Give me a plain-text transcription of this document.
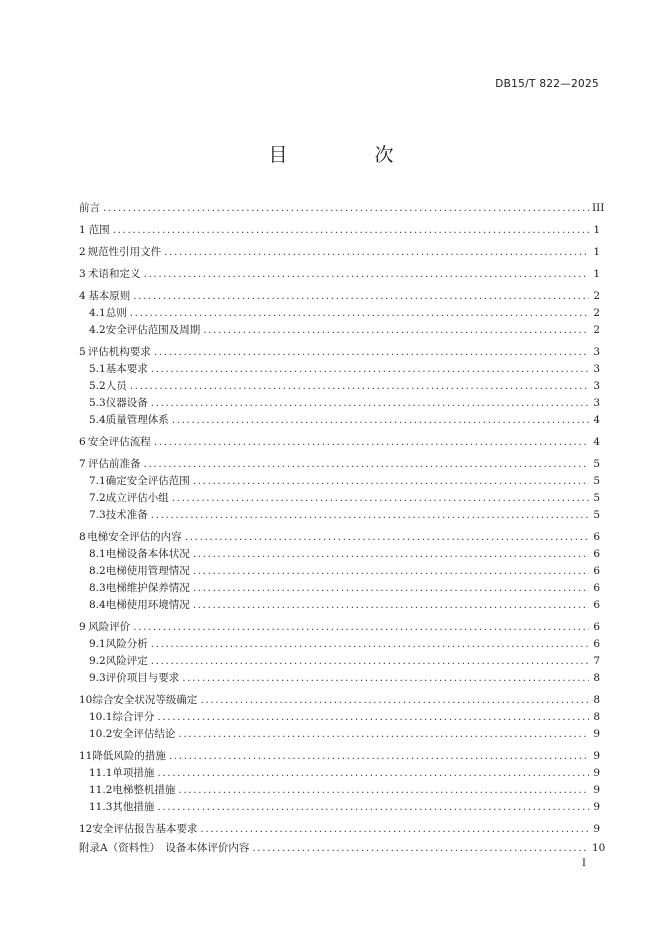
DB15/T 822—2025
目　次
前言 .....	III
1 范围 .....	1
2 规范性引用文件 .....	1
3 术语和定义 .....	1
4 基本原则 .....	2
4.1 总则 .....	2
4.2 安全评估范围及周期 .....	2
5 评估机构要求 .....	3
5.1 基本要求 .....	3
5.2 人员 .....	3
5.3 仪器设备 .....	3
5.4 质量管理体系 .....	4
6 安全评估流程 .....	4
7 评估前准备 .....	5
7.1 确定安全评估范围 .....	5
7.2 成立评估小组 .....	5
7.3 技术准备 .....	5
8 电梯安全评估的内容 .....	6
8.1 电梯设备本体状况 .....	6
8.2 电梯使用管理情况 .....	6
8.3 电梯维护保养情况 .....	6
8.4 电梯使用环境情况 .....	6
9 风险评价 .....	6
9.1 风险分析 .....	6
9.2 风险评定 .....	7
9.3 评价项目与要求 .....	8
10 综合安全状况等级确定 .....	8
10.1 综合评分 .....	8
10.2 安全评估结论 .....	9
11 降低风险的措施 .....	9
11.1 单项措施 .....	9
11.2 电梯整机措施 .....	9
11.3 其他措施 .....	9
12 安全评估报告基本要求 .....	9
附录A（资料性）　设备本体评价内容 .....	10
I
